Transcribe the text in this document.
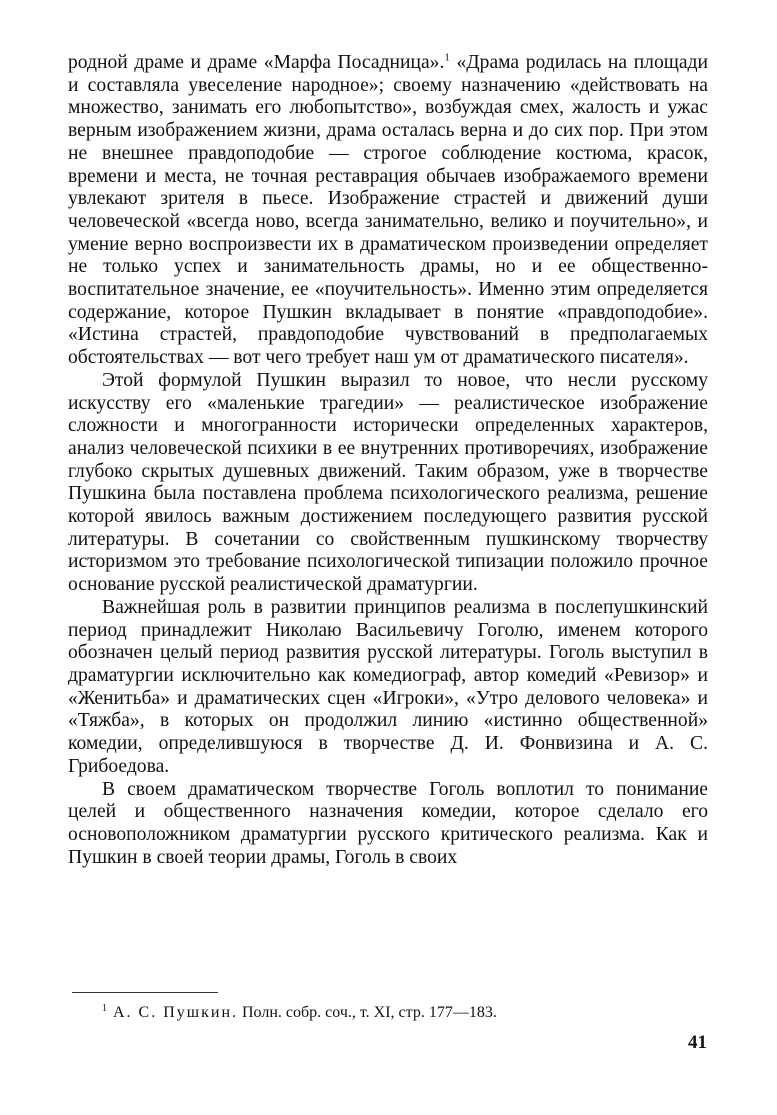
родной драме и драме «Марфа Посадница».$^1$ «Драма родилась на площади и составляла увеселение народное»; своему назначению «действовать на множество, занимать его любопытство», возбуждая смех, жалость и ужас верным изображением жизни, драма осталась верна и до сих пор. При этом не внешнее правдоподобие — строгое соблюдение костюма, красок, времени и места, не точная реставрация обычаев изображаемого времени увлекают зрителя в пьесе. Изображение страстей и движений души человеческой «всегда ново, всегда занимательно, велико и поучительно», и умение верно воспроизвести их в драматическом произведении определяет не только успех и занимательность драмы, но и ее общественно-воспитательное значение, ее «поучительность». Именно этим определяется содержание, которое Пушкин вкладывает в понятие «правдоподобие». «Истина страстей, правдоподобие чувствований в предполагаемых обстоятельствах — вот чего требует наш ум от драматического писателя».

Этой формулой Пушкин выразил то новое, что несли русскому искусству его «маленькие трагедии» — реалистическое изображение сложности и многогранности исторически определенных характеров, анализ человеческой психики в ее внутренних противоречиях, изображение глубоко скрытых душевных движений. Таким образом, уже в творчестве Пушкина была поставлена проблема психологического реализма, решение которой явилось важным достижением последующего развития русской литературы. В сочетании со свойственным пушкинскому творчеству историзмом это требование психологической типизации положило прочное основание русской реалистической драматургии.

Важнейшая роль в развитии принципов реализма в послепушкинский период принадлежит Николаю Васильевичу Гоголю, именем которого обозначен целый период развития русской литературы. Гоголь выступил в драматургии исключительно как комедиограф, автор комедий «Ревизор» и «Женитьба» и драматических сцен «Игроки», «Утро делового человека» и «Тяжба», в которых он продолжил линию «истинно общественной» комедии, определившуюся в творчестве Д. И. Фонвизина и А. С. Грибоедова.

В своем драматическом творчестве Гоголь воплотил то понимание целей и общественного назначения комедии, которое сделало его основоположником драматургии русского критического реализма. Как и Пушкин в своей теории драмы, Гоголь в своих

$^1$ А. С. Пушкин. Полн. собр. соч., т. XI, стр. 177—183.
41
